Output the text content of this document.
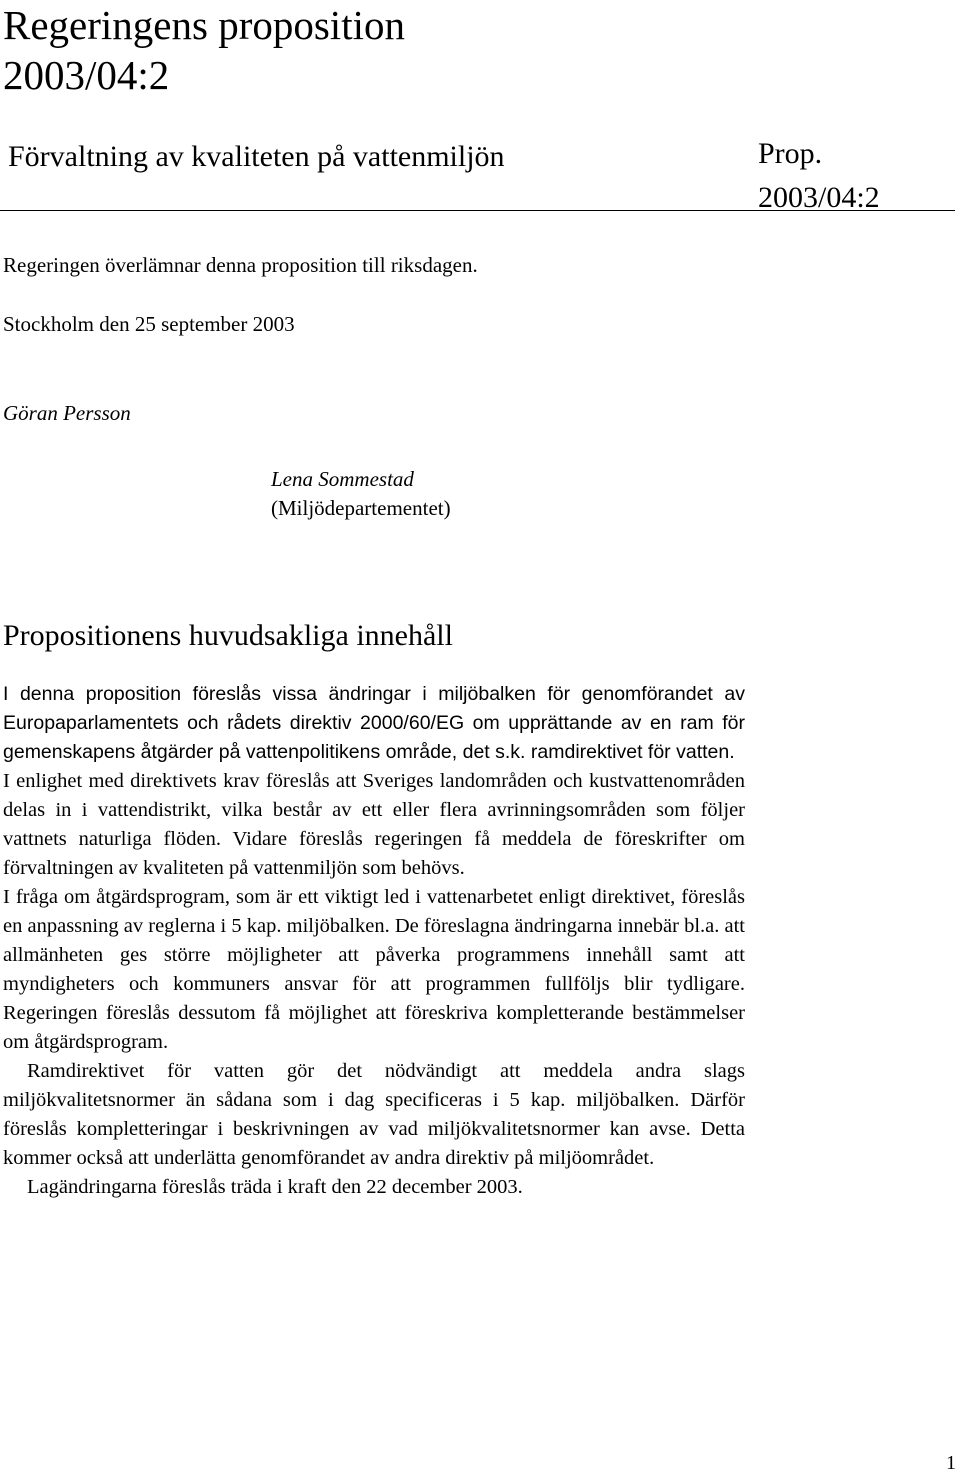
Regeringens proposition
2003/04:2
Förvaltning av kvaliteten på vattenmiljön	Prop. 2003/04:2
Regeringen överlämnar denna proposition till riksdagen.
Stockholm den 25 september 2003
Göran Persson
Lena Sommestad
(Miljödepartementet)
Propositionens huvudsakliga innehåll

I denna proposition föreslås vissa ändringar i miljöbalken för genomförandet av Europaparlamentets och rådets direktiv 2000/60/EG om upprättande av en ram för gemenskapens åtgärder på vattenpolitikens område, det s.k. ramdirektivet för vatten.

I enlighet med direktivets krav föreslås att Sveriges landområden och kustvattenområden delas in i vattendistrikt, vilka består av ett eller flera avrinningsområden som följer vattnets naturliga flöden. Vidare föreslås regeringen få meddela de föreskrifter om förvaltningen av kvaliteten på vattenmiljön som behövs.

I fråga om åtgärdsprogram, som är ett viktigt led i vattenarbetet enligt direktivet, föreslås en anpassning av reglerna i 5 kap. miljöbalken. De föreslagna ändringarna innebär bl.a. att allmänheten ges större möjligheter att påverka programmens innehåll samt att myndigheters och kommuners ansvar för att programmen fullföljs blir tydligare. Regeringen föreslås dessutom få möjlighet att föreskriva kompletterande bestämmelser om åtgärdsprogram.

Ramdirektivet för vatten gör det nödvändigt att meddela andra slags miljökvalitetsnormer än sådana som i dag specificeras i 5 kap. miljöbalken. Därför föreslås kompletteringar i beskrivningen av vad miljökvalitetsnormer kan avse. Detta kommer också att underlätta genomförandet av andra direktiv på miljöområdet.

Lagändringarna föreslås träda i kraft den 22 december 2003.

1
